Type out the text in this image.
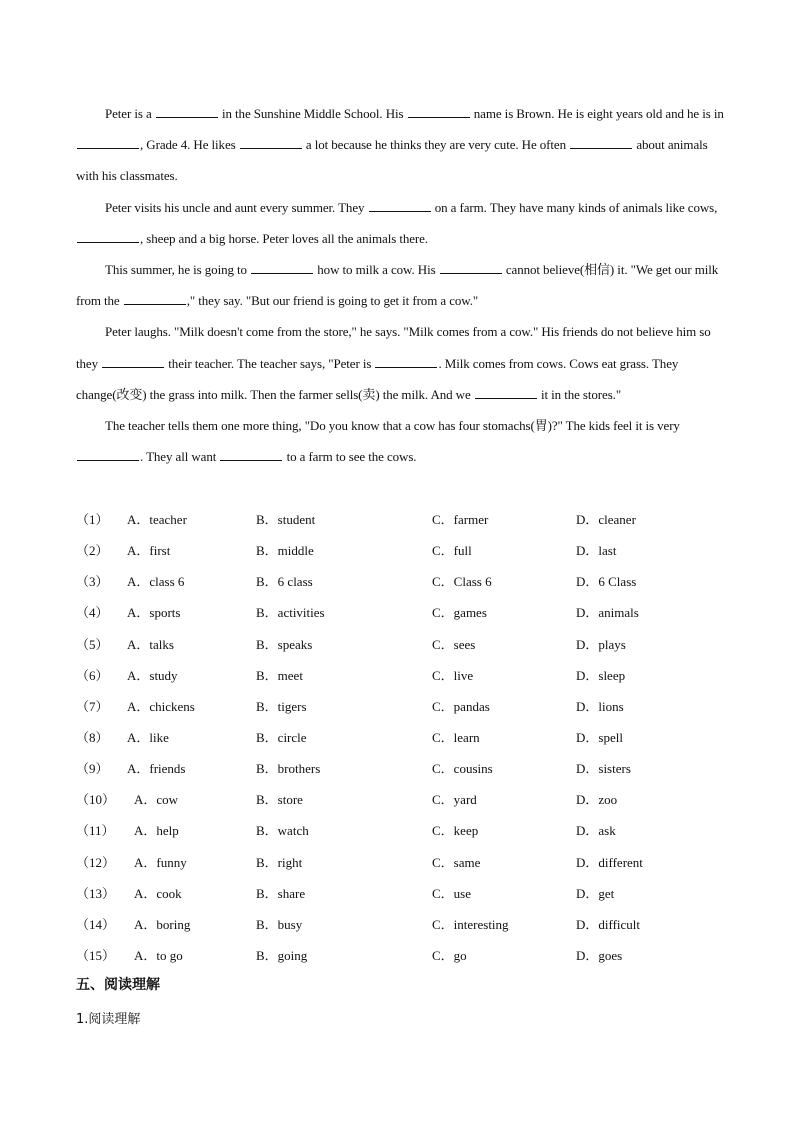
Peter is a	in the Sunshine Middle School. His	name is Brown. He is eight years old and he is in , Grade 4. He likes	a lot because he thinks they are very cute. He often	about animals with his classmates.

Peter visits his uncle and aunt every summer. They	on a farm. They have many kinds of animals like cows, , sheep and a big horse. Peter loves all the animals there.

This summer, he is going to	how to milk a cow. His	cannot believe(相信) it. "We get our milk from the	," they say. "But our friend is going to get it from a cow."

Peter laughs. "Milk doesn't come from the store," he says. "Milk comes from a cow." His friends do not believe him so they	their teacher. The teacher says, "Peter is	. Milk comes from cows. Cows eat grass. They change(改变) the grass into milk. Then the farmer sells(卖) the milk. And we	it in the stores."

The teacher tells them one more thing, "Do you know that a cow has four stomachs(胃)?" The kids feel it is very . They all want	to a farm to see the cows.

（1） A．teacher	B．student	C．farmer	D．cleaner
（2） A．first	B．middle	C．full	D．last
（3） A．class 6	B．6 class	C．Class 6	D．6 Class
（4） A．sports	B．activities	C．games	D．animals
（5） A．talks	B．speaks	C．sees	D．plays
（6） A．study	B．meet	C．live	D．sleep
（7） A．chickens	B．tigers	C．pandas	D．lions
（8） A．like	B．circle	C．learn	D．spell
（9） A．friends	B．brothers	C．cousins	D．sisters
（10） A．cow	B．store	C．yard	D．zoo
（11） A．help	B．watch	C．keep	D．ask
（12） A．funny	B．right	C．same	D．different
（13） A．cook	B．share	C．use	D．get
（14） A．boring	B．busy	C．interesting	D．difficult
（15） A．to go	B．going	C．go	D．goes
五、阅读理解
1.阅读理解
